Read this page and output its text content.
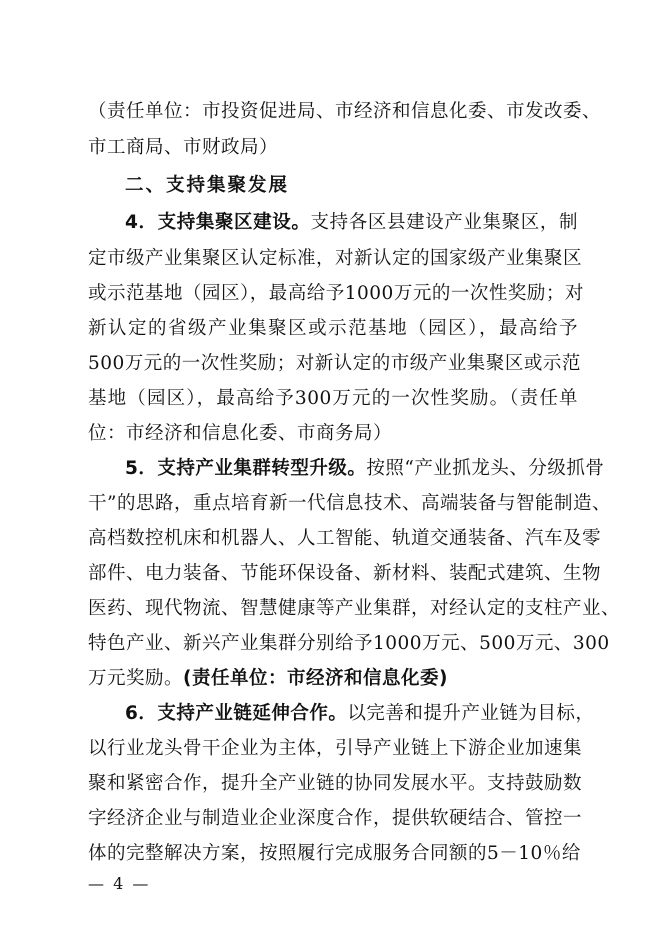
（责任单位：市投资促进局、市经济和信息化委、市发改委、
市工商局、市财政局）
二、支持集聚发展
4．支持集聚区建设。支持各区县建设产业集聚区，制
定市级产业集聚区认定标准，对新认定的国家级产业集聚区
或示范基地（园区），最高给予1000万元的一次性奖励；对
新认定的省级产业集聚区或示范基地（园区），最高给予
500万元的一次性奖励；对新认定的市级产业集聚区或示范
基地（园区），最高给予300万元的一次性奖励。（责任单
位：市经济和信息化委、市商务局）
5．支持产业集群转型升级。按照“产业抓龙头、分级抓骨
干”的思路，重点培育新一代信息技术、高端装备与智能制造、
高档数控机床和机器人、人工智能、轨道交通装备、汽车及零
部件、电力装备、节能环保设备、新材料、装配式建筑、生物
医药、现代物流、智慧健康等产业集群，对经认定的支柱产业、
特色产业、新兴产业集群分别给予1000万元、500万元、300
万元奖励。(责任单位：市经济和信息化委)
6．支持产业链延伸合作。以完善和提升产业链为目标，
以行业龙头骨干企业为主体，引导产业链上下游企业加速集
聚和紧密合作，提升全产业链的协同发展水平。支持鼓励数
字经济企业与制造业企业深度合作，提供软硬结合、管控一
体的完整解决方案，按照履行完成服务合同额的5－10％给
— 4 —
